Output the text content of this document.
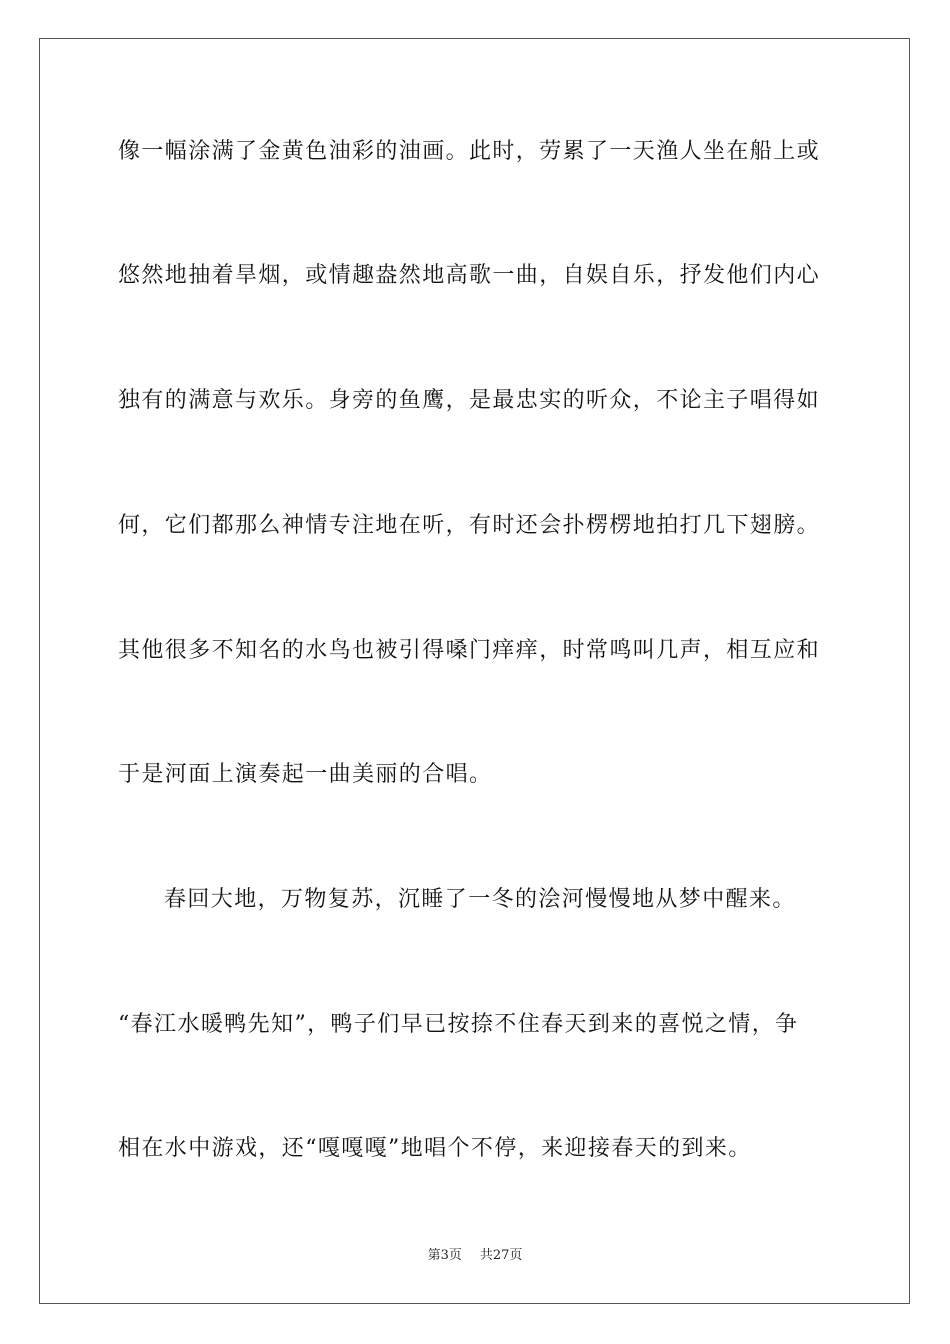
像一幅涂满了金黄色油彩的油画。此时，劳累了一天渔人坐在船上或
悠然地抽着旱烟，或情趣盎然地高歌一曲，自娱自乐，抒发他们内心
独有的满意与欢乐。身旁的鱼鹰，是最忠实的听众，不论主子唱得如
何，它们都那么神情专注地在听，有时还会扑楞楞地拍打几下翅膀。
其他很多不知名的水鸟也被引得嗓门痒痒，时常鸣叫几声，相互应和
于是河面上演奏起一曲美丽的合唱。
春回大地，万物复苏，沉睡了一冬的浍河慢慢地从梦中醒来。
“春江水暖鸭先知”，鸭子们早已按捺不住春天到来的喜悦之情，争
相在水中游戏，还“嘎嘎嘎”地唱个不停，来迎接春天的到来。
第3页 共27页
